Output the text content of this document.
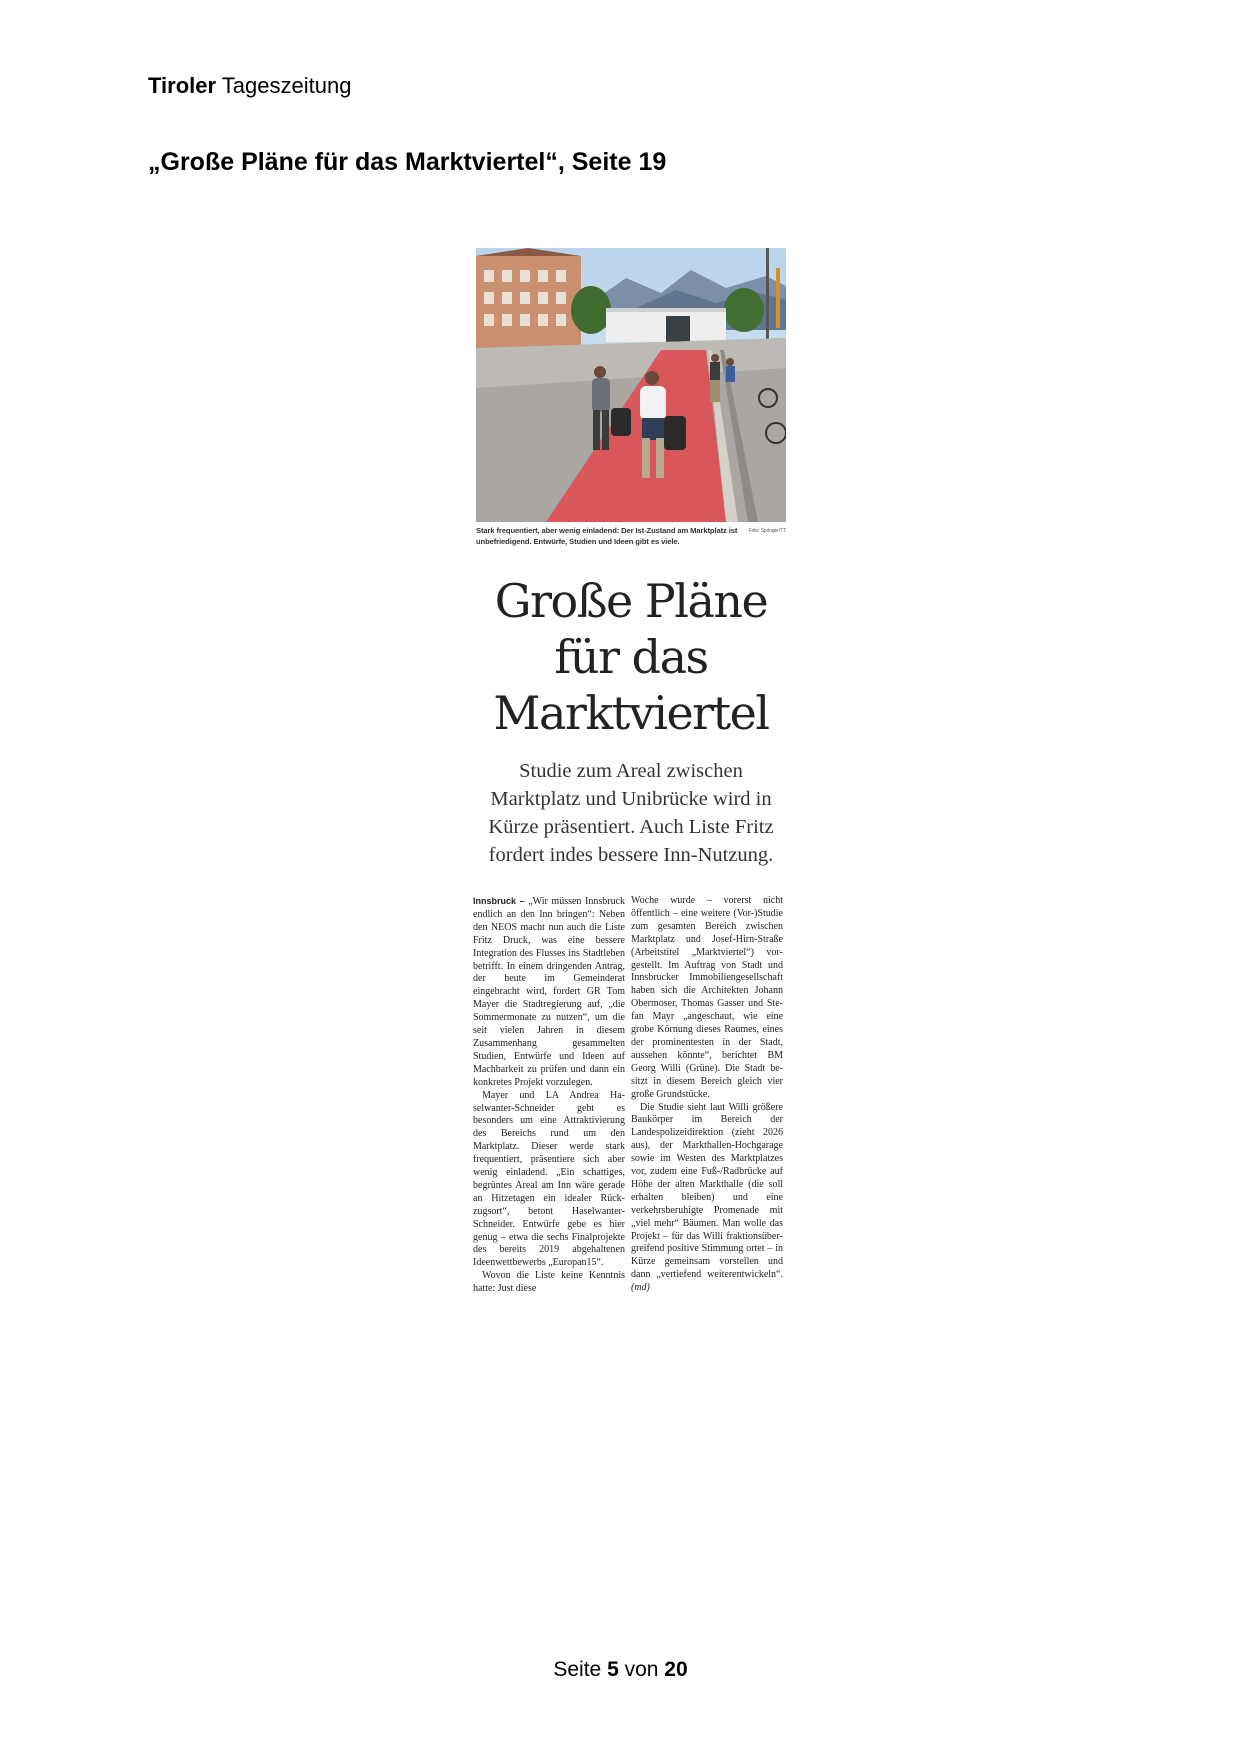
Tiroler Tageszeitung
„Große Pläne für das Marktviertel“, Seite 19
Foto: Springer/TT
Stark frequentiert, aber wenig einladend: Der Ist-Zustand am Marktplatz ist unbefriedigend. Entwürfe, Studien und Ideen gibt es viele.
Große Pläne
für das
Marktviertel
Studie zum Areal zwischen
Marktplatz und Unibrücke wird in
Kürze präsentiert. Auch Liste Fritz
fordert indes bessere Inn-Nutzung.

Innsbruck – „Wir müssen Innsbruck endlich an den Inn bringen“: Neben den NEOS macht nun auch die Liste Fritz Druck, was eine bessere Integration des Flusses ins Stadtleben betrifft. In einem dringenden Antrag, der heute im Gemeinderat eingebracht wird, fordert GR Tom Mayer die Stadtregierung auf, „die Sommermonate zu nutzen“, um die seit vielen Jahren in diesem Zusammenhang gesammelten Studien, Entwürfe und Ideen auf Machbarkeit zu prüfen und dann ein konkretes Projekt vorzulegen.

Mayer und LA Andrea Haselwanter-Schneider geht es besonders um eine Attraktivierung des Bereichs rund um den Marktplatz. Dieser werde stark frequentiert, präsentiere sich aber wenig einladend. „Ein schattiges, begrüntes Areal am Inn wäre gerade an Hitzetagen ein idealer Rückzugsort“, betont Haselwanter-Schneider. Entwürfe gebe es hier genug – etwa die sechs Finalprojekte des bereits 2019 abgehaltenen Ideenwettbewerbs „Europan15“.

Wovon die Liste keine Kenntnis hatte: Just diese

Woche wurde – vorerst nicht öffentlich – eine weitere (Vor-)Studie zum gesamten Bereich zwischen Marktplatz und Josef-Hirn-Straße (Arbeitstitel „Marktviertel“) vorgestellt. Im Auftrag von Stadt und Innsbrucker Immobiliengesellschaft haben sich die Architekten Johann Obermoser, Thomas Gasser und Stefan Mayr „angeschaut, wie eine grobe Körnung dieses Raumes, eines der prominentesten in der Stadt, aussehen könnte“, berichtet BM Georg Willi (Grüne). Die Stadt besitzt in diesem Bereich gleich vier große Grundstücke.

Die Studie sieht laut Willi größere Baukörper im Bereich der Landespolizeidirektion (zieht 2026 aus), der Markthallen-Hochgarage sowie im Westen des Marktplatzes vor, zudem eine Fuß-/Radbrücke auf Höhe der alten Markthalle (die soll erhalten bleiben) und eine verkehrsberuhigte Promenade mit „viel mehr“ Bäumen. Man wolle das Projekt – für das Willi fraktionsübergreifend positive Stimmung ortet – in Kürze gemeinsam vorstellen und dann „vertiefend weiterentwickeln“. (md)

Seite 5 von 20
